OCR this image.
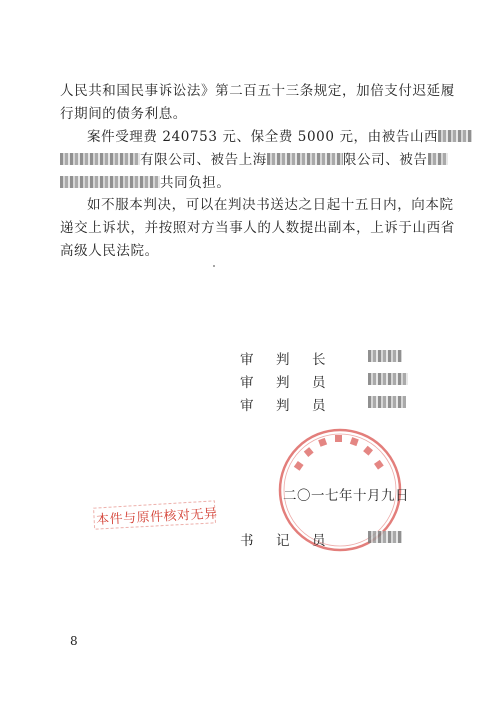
人民共和国民事诉讼法》第二百五十三条规定，加倍支付迟延履
行期间的债务利息。

案件受理费 240753 元、保全费 5000 元，由被告山西
有限公司、被告上海	限公司、被告
共同负担。

如不服本判决，可以在判决书送达之日起十五日内，向本院
递交上诉状，并按照对方当事人的人数提出副本，上诉于山西省
高级人民法院。

审 判 长
审 判 员
审 判 员
二〇一七年十月九日
本件与原件核对无异
书 记 员
8
